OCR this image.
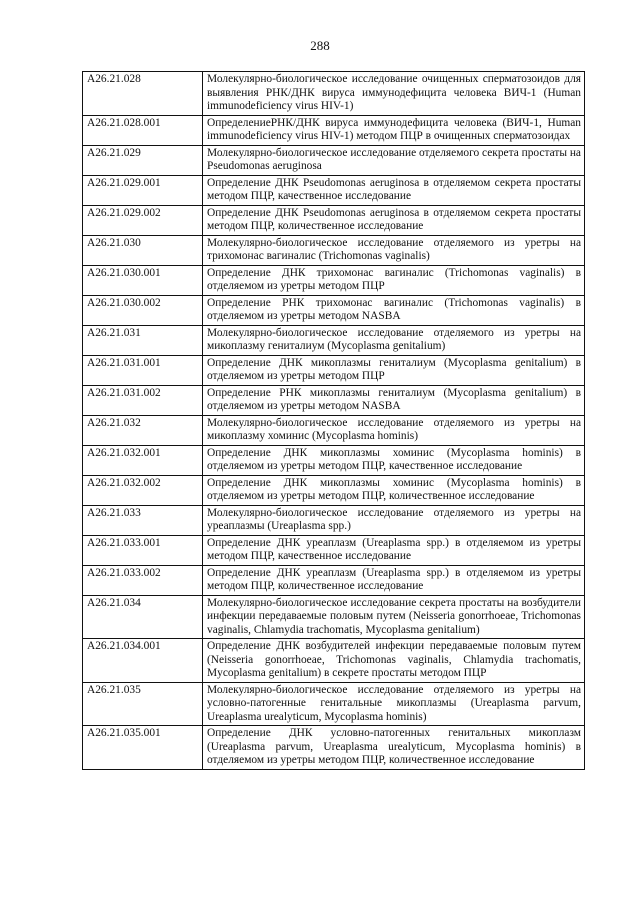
288
A26.21.028	Молекулярно-биологическое исследование очищенных сперматозоидов для выявления РНК/ДНК вируса иммунодефицита человека ВИЧ-1 (Human immunodeficiency virus HIV-1)
A26.21.028.001	ОпределениеРНК/ДНК вируса иммунодефицита человека (ВИЧ-1, Human immunodeficiency virus HIV-1) методом ПЦР в очищенных сперматозоидах
A26.21.029	Молекулярно-биологическое исследование отделяемого секрета простаты на Pseudomonas aeruginosa
A26.21.029.001	Определение ДНК Pseudomonas aeruginosa в отделяемом секрета простаты методом ПЦР, качественное исследование
A26.21.029.002	Определение ДНК Pseudomonas aeruginosa в отделяемом секрета простаты методом ПЦР, количественное исследование
A26.21.030	Молекулярно-биологическое исследование отделяемого из уретры на трихомонас вагиналис (Trichomonas vaginalis)
A26.21.030.001	Определение ДНК трихомонас вагиналис (Trichomonas vaginalis) в отделяемом из уретры методом ПЦР
A26.21.030.002	Определение РНК трихомонас вагиналис (Trichomonas vaginalis) в отделяемом из уретры методом NASBA
A26.21.031	Молекулярно-биологическое исследование отделяемого из уретры на микоплазму гениталиум (Mycoplasma genitalium)
A26.21.031.001	Определение ДНК микоплазмы гениталиум (Mycoplasma genitalium) в отделяемом из уретры методом ПЦР
A26.21.031.002	Определение РНК микоплазмы гениталиум (Mycoplasma genitalium) в отделяемом из уретры методом NASBA
A26.21.032	Молекулярно-биологическое исследование отделяемого из уретры на микоплазму хоминис (Mycoplasma hominis)
A26.21.032.001	Определение ДНК микоплазмы хоминис (Mycoplasma hominis) в отделяемом из уретры методом ПЦР, качественное исследование
A26.21.032.002	Определение ДНК микоплазмы хоминис (Mycoplasma hominis) в отделяемом из уретры методом ПЦР, количественное исследование
A26.21.033	Молекулярно-биологическое исследование отделяемого из уретры на уреаплазмы (Ureaplasma spp.)
A26.21.033.001	Определение ДНК уреаплазм (Ureaplasma spp.) в отделяемом из уретры методом ПЦР, качественное исследование
A26.21.033.002	Определение ДНК уреаплазм (Ureaplasma spp.) в отделяемом из уретры методом ПЦР, количественное исследование
A26.21.034	Молекулярно-биологическое исследование секрета простаты на возбудители инфекции передаваемые половым путем (Neisseria gonorrhoeae, Trichomonas vaginalis, Chlamydia trachomatis, Mycoplasma genitalium)
A26.21.034.001	Определение ДНК возбудителей инфекции передаваемые половым путем (Neisseria gonorrhoeae, Trichomonas vaginalis, Chlamydia trachomatis, Mycoplasma genitalium) в секрете простаты методом ПЦР
A26.21.035	Молекулярно-биологическое исследование отделяемого из уретры на условно-патогенные генитальные микоплазмы (Ureaplasma parvum, Ureaplasma urealyticum, Mycoplasma hominis)
A26.21.035.001	Определение ДНК условно-патогенных генитальных микоплазм (Ureaplasma parvum, Ureaplasma urealyticum, Mycoplasma hominis) в отделяемом из уретры методом ПЦР, количественное исследование
